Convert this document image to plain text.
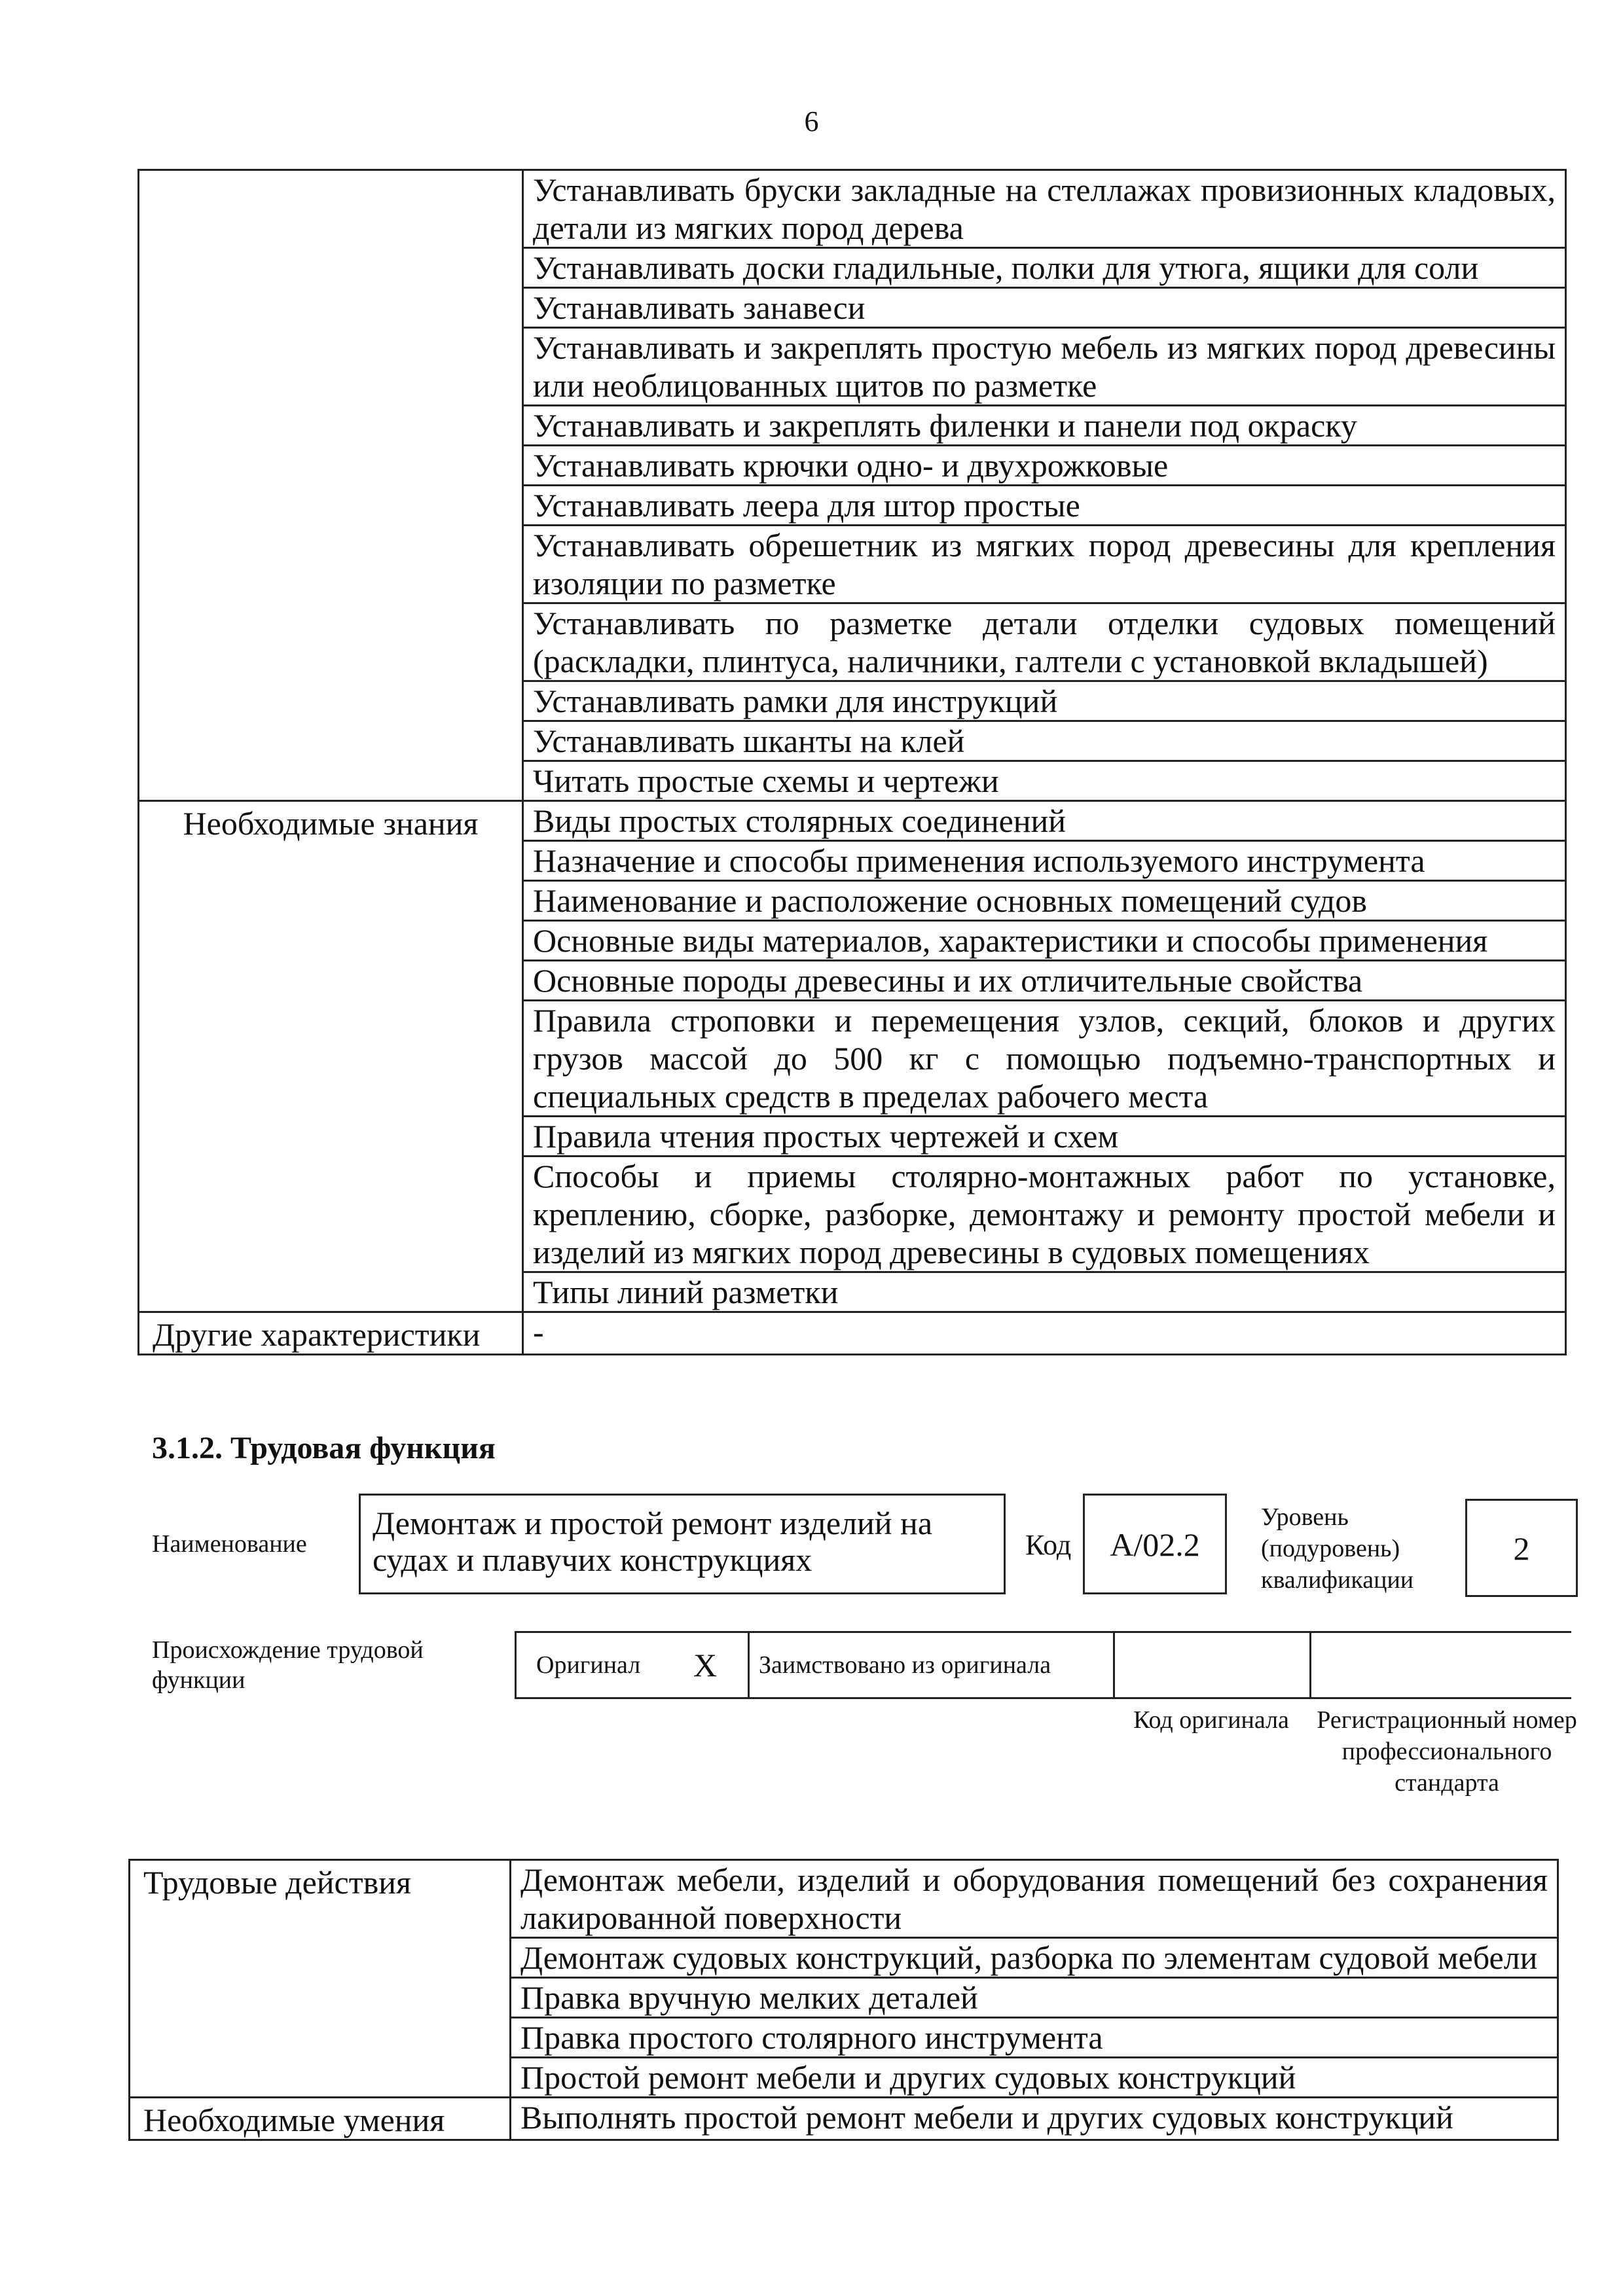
6
	Устанавливать бруски закладные на стеллажах провизионных кладовых, детали из мягких пород дерева
	Устанавливать доски гладильные, полки для утюга, ящики для соли
	Устанавливать занавеси
	Устанавливать и закреплять простую мебель из мягких пород древесины или необлицованных щитов по разметке
	Устанавливать и закреплять филенки и панели под окраску
	Устанавливать крючки одно- и двухрожковые
	Устанавливать леера для штор простые
	Устанавливать обрешетник из мягких пород древесины для крепления изоляции по разметке
	Устанавливать по разметке детали отделки судовых помещений (раскладки, плинтуса, наличники, галтели с установкой вкладышей)
	Устанавливать рамки для инструкций
	Устанавливать шканты на клей
	Читать простые схемы и чертежи
Необходимые знания	Виды простых столярных соединений
	Назначение и способы применения используемого инструмента
	Наименование и расположение основных помещений судов
	Основные виды материалов, характеристики и способы применения
	Основные породы древесины и их отличительные свойства
	Правила строповки и перемещения узлов, секций, блоков и других грузов массой до 500 кг с помощью подъемно-транспортных и специальных средств в пределах рабочего места
	Правила чтения простых чертежей и схем
	Способы и приемы столярно-монтажных работ по установке, креплению, сборке, разборке, демонтажу и ремонту простой мебели и изделий из мягких пород древесины в судовых помещениях
	Типы линий разметки
Другие характеристики	-
3.1.2. Трудовая функция
Наименование
Демонтаж и простой ремонт изделий на судах и плавучих конструкциях	Код	A/02.2
Уровень (подуровень) квалификации
2
Происхождение трудовой функции
Оригинал X	Заимствовано из оригинала
Код оригинала Регистрационный номер профессионального стандарта
Трудовые действия	Демонтаж мебели, изделий и оборудования помещений без сохранения лакированной поверхности
	Демонтаж судовых конструкций, разборка по элементам судовой мебели
	Правка вручную мелких деталей
	Правка простого столярного инструмента
	Простой ремонт мебели и других судовых конструкций
Необходимые умения	Выполнять простой ремонт мебели и других судовых конструкций
